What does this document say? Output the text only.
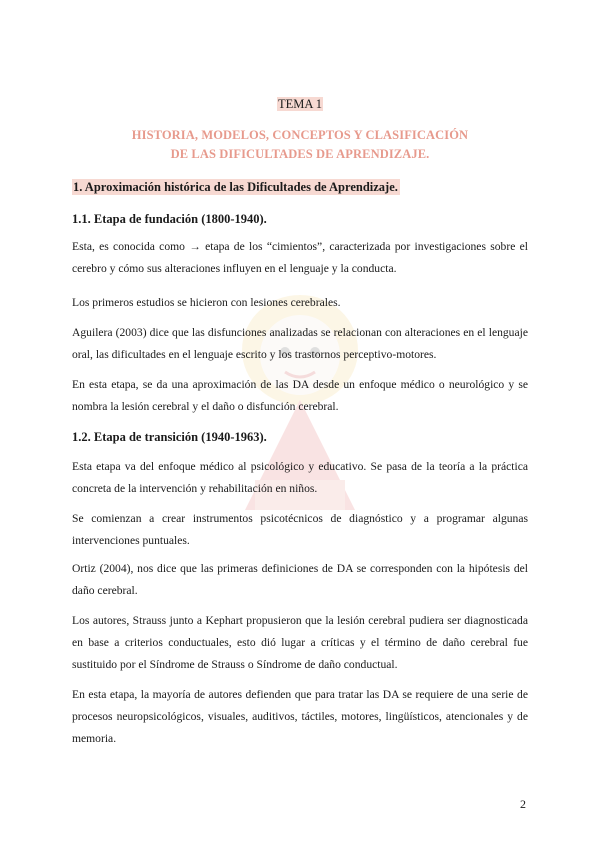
TEMA 1
HISTORIA, MODELOS, CONCEPTOS Y CLASIFICACIÓN DE LAS DIFICULTADES DE APRENDIZAJE.
1. Aproximación histórica de las Dificultades de Aprendizaje.
1.1. Etapa de fundación (1800-1940).
Esta, es conocida como → etapa de los “cimientos”, caracterizada por investigaciones sobre el cerebro y cómo sus alteraciones influyen en el lenguaje y la conducta.
Los primeros estudios se hicieron con lesiones cerebrales.
Aguilera (2003) dice que las disfunciones analizadas se relacionan con alteraciones en el lenguaje oral, las dificultades en el lenguaje escrito y los trastornos perceptivo-motores.
En esta etapa, se da una aproximación de las DA desde un enfoque médico o neurológico y se nombra la lesión cerebral y el daño o disfunción cerebral.
1.2. Etapa de transición (1940-1963).
Esta etapa va del enfoque médico al psicológico y educativo. Se pasa de la teoría a la práctica concreta de la intervención y rehabilitación en niños.
Se comienzan a crear instrumentos psicotécnicos de diagnóstico y a programar algunas intervenciones puntuales.
Ortiz (2004), nos dice que las primeras definiciones de DA se corresponden con la hipótesis del daño cerebral.
Los autores, Strauss junto a Kephart propusieron que la lesión cerebral pudiera ser diagnosticada en base a criterios conductuales, esto dió lugar a críticas y el término de daño cerebral fue sustituido por el Síndrome de Strauss o Síndrome de daño conductual.
En esta etapa, la mayoría de autores defienden que para tratar las DA se requiere de una serie de procesos neuropsicológicos, visuales, auditivos, táctiles, motores, lingüísticos, atencionales y de memoria.
2
